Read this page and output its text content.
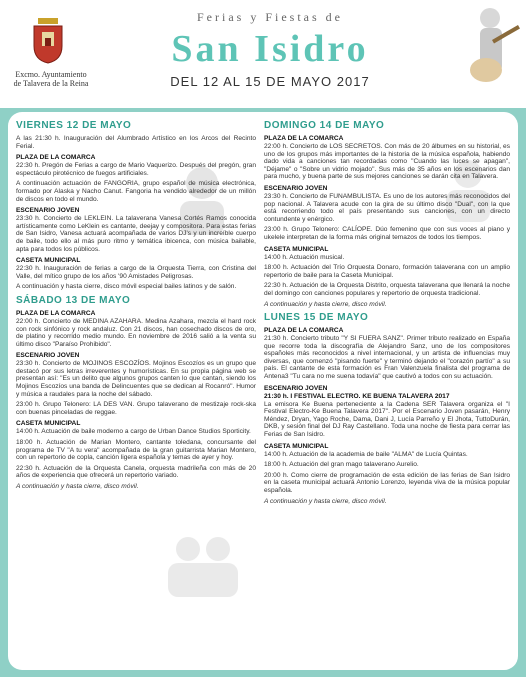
Excmo. Ayuntamiento
de Talavera de la Reina
Ferias y Fiestas de
San Isidro
DEL 12 AL 15 DE MAYO 2017
VIERNES 12 DE MAYO
A las 21:30 h. Inauguración del Alumbrado Artístico en los Arcos del Recinto Ferial.
PLAZA DE LA COMARCA
22:30 h. Pregón de Ferias a cargo de Mario Vaquerizo. Después del pregón, gran espectáculo pirotécnico de fuegos artificiales.
A continuación actuación de FANGORIA, grupo español de música electrónica, formado por Alaska y Nacho Canut. Fangoria ha vendido alrededor de un millón de discos en todo el mundo.
ESCENARIO JOVEN
23:30 h. Concierto de LEKLEIN. La talaverana Vanesa Cortés Ramos conocida artísticamente como LeKlein es cantante, deejay y compositora. Para estas ferias de San Isidro, Vanesa actuará acompañada de varios DJ's y un increíble cuerpo de baile, todo ello al más puro ritmo y temática ibicenca, con música bailable, apta para todos los públicos.
CASETA MUNICIPAL
22:30 h. Inauguración de ferias a cargo de la Orquesta Tierra, con Cristina del Valle, del mítico grupo de los años '90 Amistades Peligrosas.
A continuación y hasta cierre, disco móvil especial bailes latinos y de salón.
SÁBADO 13 DE MAYO
PLAZA DE LA COMARCA
22:00 h. Concierto de MEDINA AZAHARA. Medina Azahara, mezcla el hard rock con rock sinfónico y rock andaluz. Con 21 discos, han cosechado discos de oro, de platino y recorrido medio mundo. En noviembre de 2016 salió a la venta su último disco "Paraíso Prohibido".
ESCENARIO JOVEN
23:30 h. Concierto de MOJINOS ESCOZÍOS. Mojinos Escozíos es un grupo que destacó por sus letras irreverentes y humorísticas. En su propia página web se presentan así: "Es un delito que algunos grupos canten lo que cantan, siendo los Mojinos Escozíos una banda de Delincuentes que se dedican al Rocanró". Humor y música a raudales para la noche del sábado.
23:00 h. Grupo Telonero: LA DES VAN. Grupo talaverano de mestizaje rock-ska con buenas pinceladas de reggae.
CASETA MUNICIPAL
14:00 h. Actuación de baile moderno a cargo de Urban Dance Studios Sporticity.
18:00 h. Actuación de Marian Montero, cantante toledana, concursante del programa de TV "A tu vera" acompañada de la gran guitarrista Marian Montero, con un repertorio de copla, canción ligera española y temas de ayer y hoy.
22:30 h. Actuación de la Orquesta Canela, orquesta madrileña con más de 20 años de experiencia que ofrecerá un repertorio variado.
A continuación y hasta cierre, disco móvil.
DOMINGO 14 DE MAYO
PLAZA DE LA COMARCA
22:00 h. Concierto de LOS SECRETOS. Con más de 20 álbumes en su historial, es uno de los grupos más importantes de la historia de la música española, habiendo dado vida a canciones tan recordadas como "Cuando las luces se apagan", "Déjame" o "Sobre un vidrio mojado". Sus más de 35 años en los escenarios dan para mucho, y buena parte de sus mejores canciones se darán cita en Talavera.
ESCENARIO JOVEN
23:30 h. Concierto de FUNAMBULISTA. Es uno de los autores más reconocidos del pop nacional. A Talavera acude con la gira de su último disco "Dual", con la que está recorriendo todo el país presentando sus canciones, con un directo contundente y enérgico.
23:00 h. Grupo Telonero: CALÍOPE. Dúo femenino que con sus voces al piano y ukelele interpretan de la forma más original temazos de todos los tiempos.
CASETA MUNICIPAL
14:00 h. Actuación musical.
18:00 h. Actuación del Trío Orquesta Donaro, formación talaverana con un amplio repertorio de baile para la Caseta Municipal.
22:30 h. Actuación de la Orquesta Distrito, orquesta talaverana que llenará la noche del domingo con canciones populares y repertorio de orquesta tradicional.
A continuación y hasta cierre, disco móvil.
LUNES 15 DE MAYO
PLAZA DE LA COMARCA
21:30 h. Concierto tributo "Y SI FUERA SANZ". Primer tributo realizado en España que recorre toda la discografía de Alejandro Sanz, uno de los compositores españoles más reconocidos a nivel internacional, y un artista de influencias muy diversas, que comenzó "pisando fuerte" y terminó dejando el "corazón partío" a su país. El cantante de esta formación es Fran Valenzuela finalista del programa de Antena3 "Tu cara no me suena todavía" que cautivó a todos con su actuación.
ESCENARIO JOVEN
21:30 h. I FESTIVAL ELECTRO. KE BUENA TALAVERA 2017
La emisora Ke Buena perteneciente a la Cadena SER Talavera organiza el "I Festival Electro-Ke Buena Talavera 2017". Por el Escenario Joven pasarán, Henry Méndez, Dryan, Yago Roche, Dama, Dani J, Lucía Parreño y El Jhota, TuttoDurán, DKB, y sesión final del DJ Ray Castellano. Toda una noche de fiesta para cerrar las Ferias de San Isidro.
CASETA MUNICIPAL
14:00 h. Actuación de la academia de baile "ALMA" de Lucía Quintas.
18:00 h. Actuación del gran mago talaverano Aurelio.
20:00 h. Como cierre de programación de esta edición de las ferias de San Isidro en la caseta municipal actuará Antonio Lorenzo, leyenda viva de la música popular española.
A continuación y hasta cierre, disco móvil.
